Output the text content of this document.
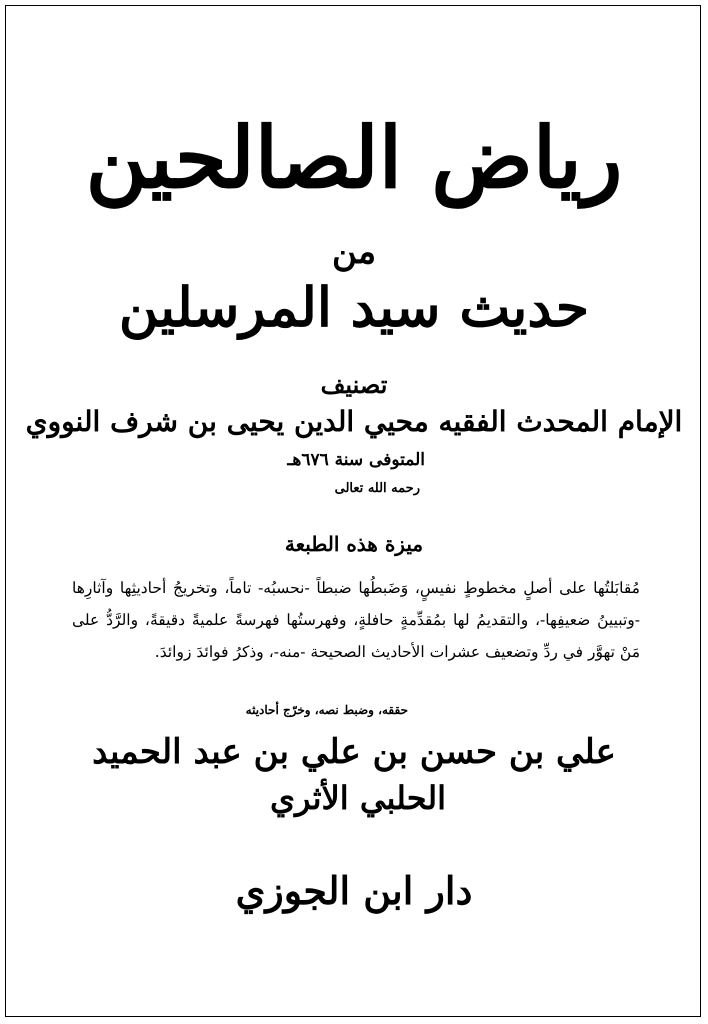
رياض الصالحين
من
حديث سيد المرسلين
تصنيف
الإمام المحدث الفقيه محيي الدين يحيى بن شرف النووي
المتوفى سنة ٦٧٦هـ
رحمه الله تعالى
ميزة هذه الطبعة
مُقابَلتُها على أصلٍ مخطوطٍ نفيسٍ، وَضَبطُها ضبطاً -نحسبُه- تاماً، وتخريجُ أحاديثِها وآثارِها -وتبيينُ ضعيفِها-، والتقديمُ لها بمُقدِّمةٍ حافلةٍ، وفهرستُها فهرسةً علميةً دقيقةً، والرَّدُّ على مَنْ تهوَّر في ردِّ وتضعيف عشرات الأحاديث الصحيحة -منه-، وذكرُ فوائدَ زوائدَ.
حققه، وضبط نصه، وخرّج أحاديثه
علي بن حسن بن علي بن عبد الحميد
الحلبي الأثري
دار ابن الجوزي
